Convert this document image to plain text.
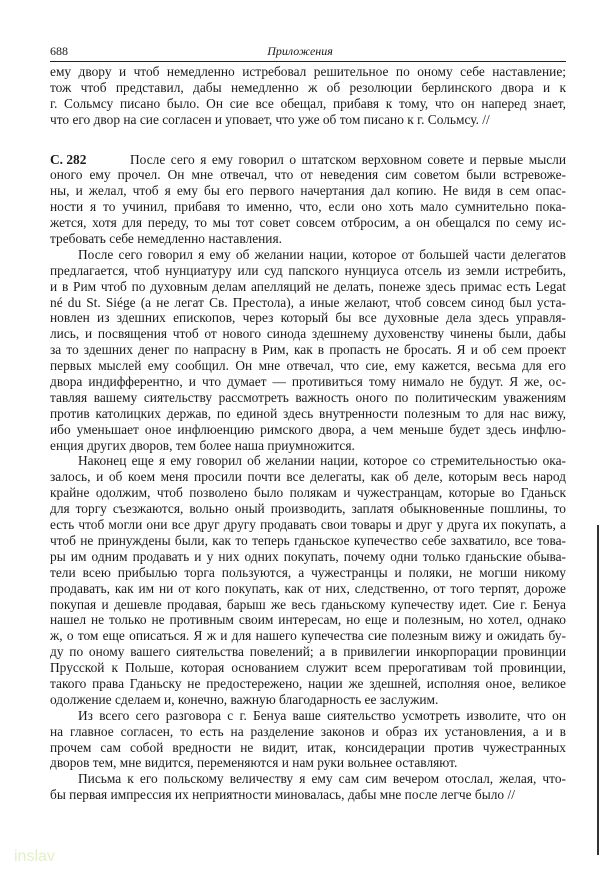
688	Приложения
ему двору и чтоб немедленно истребовал решительное по оному себе наставление;
тож чтоб представил, дабы немедленно ж об резолюции берлинского двора и к
г. Сольмсу писано было. Он сие все обещал, прибавя к тому, что он наперед знает,
что его двор на сие согласен и уповает, что уже об том писано к г. Сольмсу. //
С. 282	После сего я ему говорил о штатском верховном совете и первые мысли
оного ему прочел. Он мне отвечал, что от неведения сим советом были встревоже-
ны, и желал, чтоб я ему бы его первого начертания дал копию. Не видя в сем опас-
ности я то учинил, прибавя то именно, что, если оно хоть мало сумнительно пока-
жется, хотя для переду, то мы тот совет совсем отбросим, а он обещался по сему ис-
требовать себе немедленно наставления.
После сего говорил я ему об желании нации, которое от большей части делегатов
предлагается, чтоб нунциатуру или суд папского нунциуса отсель из земли истребить,
и в Рим чтоб по духовным делам апелляций не делать, понеже здесь примас есть Legat
né du St. Siége (а не легат Св. Престола), а иные желают, чтоб совсем синод был уста-
новлен из здешних епископов, через который бы все духовные дела здесь управля-
лись, и посвящения чтоб от нового синода здешнему духовенству чинены были, дабы
за то здешних денег по напрасну в Рим, как в пропасть не бросать. Я и об сем проект
первых мыслей ему сообщил. Он мне отвечал, что сие, ему кажется, весьма для его
двора индифферентно, и что думает — противиться тому нимало не будут. Я же, ос-
тавляя вашему сиятельству рассмотреть важность оного по политическим уважениям
против католицких держав, по единой здесь внутренности полезным то для нас вижу,
ибо уменьшает оное инфлюенцию римского двора, а чем меньше будет здесь инфлю-
енция других дворов, тем более наша приумножится.
Наконец еще я ему говорил об желании нации, которое со стремительностью ока-
залось, и об коем меня просили почти все делегаты, как об деле, которым весь народ
крайне одолжим, чтоб позволено было полякам и чужестранцам, которые во Гданьск
для торгу съезжаются, вольно оный производить, заплатя обыкновенные пошлины, то
есть чтоб могли они все друг другу продавать свои товары и друг у друга их покупать, а
чтоб не принуждены были, как то теперь гданьское купечество себе захватило, все това-
ры им одним продавать и у них одних покупать, почему одни только гданьские обыва-
тели всею прибылью торга пользуются, а чужестранцы и поляки, не могши никому
продавать, как им ни от кого покупать, как от них, следственно, от того терпят, дороже
покупая и дешевле продавая, барыш же весь гданьскому купечеству идет. Сие г. Бенуа
нашел не только не противным своим интересам, но еще и полезным, но хотел, однако
ж, о том еще описаться. Я ж и для нашего купечества сие полезным вижу и ожидать бу-
ду по оному вашего сиятельства повелений; а в привилегии инкорпорации провинции
Прусской к Польше, которая основанием служит всем прерогативам той провинции,
такого права Гданьску не предостережено, нации же здешней, исполняя оное, великое
одолжение сделаем и, конечно, важную благодарность ее заслужим.
Из всего сего разговора с г. Бенуа ваше сиятельство усмотреть изволите, что он
на главное согласен, то есть на разделение законов и образ их установления, а и в
прочем сам собой вредности не видит, итак, консидерации против чужестранных
дворов тем, мне видится, переменяются и нам руки вольнее оставляют.
Письма к его польскому величеству я ему сам сим вечером отослал, желая, что-
бы первая импрессия их неприятности миновалась, дабы мне после легче было //
inslav
